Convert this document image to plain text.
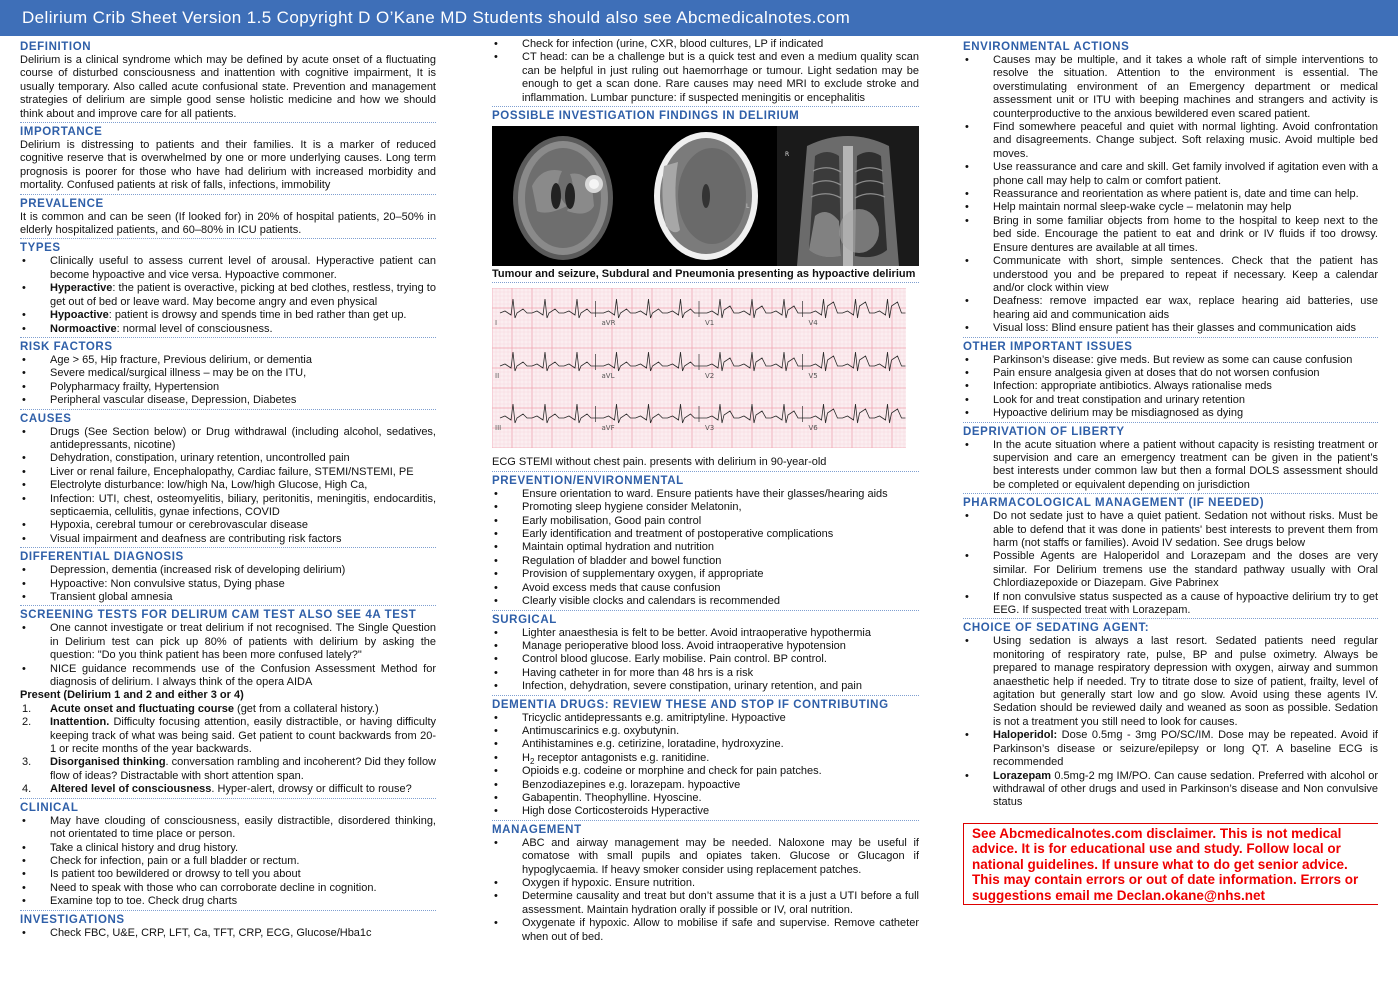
Delirium Crib Sheet Version 1.5 Copyright D O’Kane MD Students should also see Abcmedicalnotes.com
DEFINITION
Delirium is a clinical syndrome which may be defined by acute onset of a fluctuating course of disturbed consciousness and inattention with cognitive impairment, It is usually temporary. Also called acute confusional state. Prevention and management strategies of delirium are simple good sense holistic medicine and how we should think about and improve care for all patients.
IMPORTANCE
Delirium is distressing to patients and their families. It is a marker of reduced cognitive reserve that is overwhelmed by one or more underlying causes. Long term prognosis is poorer for those who have had delirium with increased morbidity and mortality. Confused patients at risk of falls, infections, immobility
PREVALENCE
It is common and can be seen (If looked for) in 20% of hospital patients, 20–50% in elderly hospitalized patients, and 60–80% in ICU patients.
TYPES
• Clinically useful to assess current level of arousal. Hyperactive patient can become hypoactive and vice versa. Hypoactive commoner.
• Hyperactive: the patient is overactive, picking at bed clothes, restless, trying to get out of bed or leave ward. May become angry and even physical
• Hypoactive: patient is drowsy and spends time in bed rather than get up.
• Normoactive: normal level of consciousness.
RISK FACTORS
• Age > 65, Hip fracture, Previous delirium, or dementia
• Severe medical/surgical illness – may be on the ITU,
• Polypharmacy frailty, Hypertension
• Peripheral vascular disease, Depression, Diabetes
CAUSES
• Drugs (See Section below) or Drug withdrawal (including alcohol, sedatives, antidepressants, nicotine)
• Dehydration, constipation, urinary retention, uncontrolled pain
• Liver or renal failure, Encephalopathy, Cardiac failure, STEMI/NSTEMI, PE
• Electrolyte disturbance: low/high Na, Low/high Glucose, High Ca,
• Infection: UTI, chest, osteomyelitis, biliary, peritonitis, meningitis, endocarditis, septicaemia, cellulitis, gynae infections, COVID
• Hypoxia, cerebral tumour or cerebrovascular disease
• Visual impairment and deafness are contributing risk factors
DIFFERENTIAL DIAGNOSIS
• Depression, dementia (increased risk of developing delirium)
• Hypoactive: Non convulsive status, Dying phase
• Transient global amnesia
SCREENING TESTS FOR DELIRUM CAM TEST ALSO SEE 4A TEST
• One cannot investigate or treat delirium if not recognised. The Single Question in Delirium test can pick up 80% of patients with delirium by asking the question: "Do you think patient has been more confused lately?"
• NICE guidance recommends use of the Confusion Assessment Method for diagnosis of delirium. I always think of the opera AIDA
Present (Delirium 1 and 2 and either 3 or 4)
1. Acute onset and fluctuating course (get from a collateral history.)
2. Inattention. Difficulty focusing attention, easily distractible, or having difficulty keeping track of what was being said. Get patient to count backwards from 20-1 or recite months of the year backwards.
3. Disorganised thinking. conversation rambling and incoherent? Did they follow flow of ideas? Distractable with short attention span.
4. Altered level of consciousness. Hyper-alert, drowsy or difficult to rouse?
CLINICAL
• May have clouding of consciousness, easily distractible, disordered thinking, not orientated to time place or person.
• Take a clinical history and drug history.
• Check for infection, pain or a full bladder or rectum.
• Is patient too bewildered or drowsy to tell you about
• Need to speak with those who can corroborate decline in cognition.
• Examine top to toe. Check drug charts
INVESTIGATIONS
• Check FBC, U&E, CRP, LFT, Ca, TFT, CRP, ECG, Glucose/Hba1c
• Check for infection (urine, CXR, blood cultures, LP if indicated
• CT head: can be a challenge but is a quick test and even a medium quality scan can be helpful in just ruling out haemorrhage or tumour. Light sedation may be enough to get a scan done. Rare causes may need MRI to exclude stroke and inflammation. Lumbar puncture: if suspected meningitis or encephalitis
POSSIBLE INVESTIGATION FINDINGS IN DELIRIUM
L
R
Tumour and seizure, Subdural and Pneumonia presenting as hypoactive delirium
I	aVR	V1	V4
II	aVL	V2	V5
III	aVF	V3	V6
ECG STEMI without chest pain. presents with delirium in 90-year-old
PREVENTION/ENVIRONMENTAL
• Ensure orientation to ward. Ensure patients have their glasses/hearing aids
• Promoting sleep hygiene consider Melatonin,
• Early mobilisation, Good pain control
• Early identification and treatment of postoperative complications
• Maintain optimal hydration and nutrition
• Regulation of bladder and bowel function
• Provision of supplementary oxygen, if appropriate
• Avoid excess meds that cause confusion
• Clearly visible clocks and calendars is recommended
SURGICAL
• Lighter anaesthesia is felt to be better. Avoid intraoperative hypothermia
• Manage perioperative blood loss. Avoid intraoperative hypotension
• Control blood glucose. Early mobilise. Pain control. BP control.
• Having catheter in for more than 48 hrs is a risk
• Infection, dehydration, severe constipation, urinary retention, and pain
DEMENTIA DRUGS: REVIEW THESE AND STOP IF CONTRIBUTING
• Tricyclic antidepressants e.g. amitriptyline. Hypoactive
• Antimuscarinics e.g. oxybutynin.
• Antihistamines e.g. cetirizine, loratadine, hydroxyzine.
• $H_2$ receptor antagonists e.g. ranitidine.
• Opioids e.g. codeine or morphine and check for pain patches.
• Benzodiazepines e.g. lorazepam. hypoactive
• Gabapentin. Theophylline. Hyoscine.
• High dose Corticosteroids Hyperactive
MANAGEMENT
• ABC and airway management may be needed. Naloxone may be useful if comatose with small pupils and opiates taken. Glucose or Glucagon if hypoglycaemia. If heavy smoker consider using replacement patches.
• Oxygen if hypoxic. Ensure nutrition.
• Determine causality and treat but don’t assume that it is a just a UTI before a full assessment. Maintain hydration orally if possible or IV, oral nutrition.
• Oxygenate if hypoxic. Allow to mobilise if safe and supervise. Remove catheter when out of bed.
ENVIRONMENTAL ACTIONS
• Causes may be multiple, and it takes a whole raft of simple interventions to resolve the situation. Attention to the environment is essential. The overstimulating environment of an Emergency department or medical assessment unit or ITU with beeping machines and strangers and activity is counterproductive to the anxious bewildered even scared patient.
• Find somewhere peaceful and quiet with normal lighting. Avoid confrontation and disagreements. Change subject. Soft relaxing music. Avoid multiple bed moves.
• Use reassurance and care and skill. Get family involved if agitation even with a phone call may help to calm or comfort patient.
• Reassurance and reorientation as where patient is, date and time can help.
• Help maintain normal sleep-wake cycle – melatonin may help
• Bring in some familiar objects from home to the hospital to keep next to the bed side. Encourage the patient to eat and drink or IV fluids if too drowsy. Ensure dentures are available at all times.
• Communicate with short, simple sentences. Check that the patient has understood you and be prepared to repeat if necessary. Keep a calendar and/or clock within view
• Deafness: remove impacted ear wax, replace hearing aid batteries, use hearing aid and communication aids
• Visual loss: Blind ensure patient has their glasses and communication aids
OTHER IMPORTANT ISSUES
• Parkinson’s disease: give meds. But review as some can cause confusion
• Pain ensure analgesia given at doses that do not worsen confusion
• Infection: appropriate antibiotics. Always rationalise meds
• Look for and treat constipation and urinary retention
• Hypoactive delirium may be misdiagnosed as dying
DEPRIVATION OF LIBERTY
• In the acute situation where a patient without capacity is resisting treatment or supervision and care an emergency treatment can be given in the patient’s best interests under common law but then a formal DOLS assessment should be completed or equivalent depending on jurisdiction
PHARMACOLOGICAL MANAGEMENT (IF NEEDED)
• Do not sedate just to have a quiet patient. Sedation not without risks. Must be able to defend that it was done in patients' best interests to prevent them from harm (not staffs or families). Avoid IV sedation. See drugs below
• Possible Agents are Haloperidol and Lorazepam and the doses are very similar. For Delirium tremens use the standard pathway usually with Oral Chlordiazepoxide or Diazepam. Give Pabrinex
• If non convulsive status suspected as a cause of hypoactive delirium try to get EEG. If suspected treat with Lorazepam.
CHOICE OF SEDATING AGENT:
• Using sedation is always a last resort. Sedated patients need regular monitoring of respiratory rate, pulse, BP and pulse oximetry. Always be prepared to manage respiratory depression with oxygen, airway and summon anaesthetic help if needed. Try to titrate dose to size of patient, frailty, level of agitation but generally start low and go slow. Avoid using these agents IV. Sedation should be reviewed daily and weaned as soon as possible. Sedation is not a treatment you still need to look for causes.
• Haloperidol: Dose 0.5mg - 3mg PO/SC/IM. Dose may be repeated. Avoid if Parkinson’s disease or seizure/epilepsy or long QT. A baseline ECG is recommended
• Lorazepam 0.5mg-2 mg IM/PO. Can cause sedation. Preferred with alcohol or withdrawal of other drugs and used in Parkinson’s disease and Non convulsive status
See Abcmedicalnotes.com disclaimer. This is not medical advice. It is for educational use and study. Follow local or national guidelines. If unsure what to do get senior advice. This may contain errors or out of date information. Errors or suggestions email me Declan.okane@nhs.net
